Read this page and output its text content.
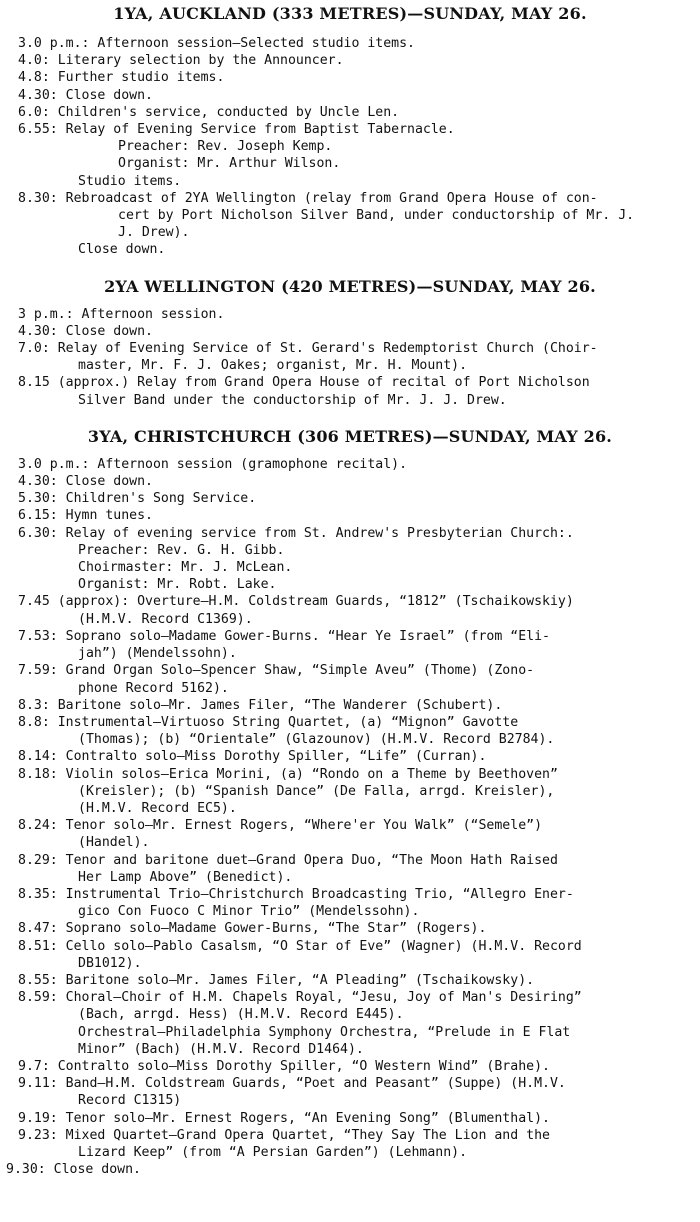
1YA, AUCKLAND (333 METRES)—SUNDAY, MAY 26.

3.0 p.m.: Afternoon session—Selected studio items.

4.0: Literary selection by the Announcer.

4.8: Further studio items.

4.30: Close down.

6.0: Children's service, conducted by Uncle Len.

6.55: Relay of Evening Service from Baptist Tabernacle.

Preacher: Rev. Joseph Kemp.

Organist: Mr. Arthur Wilson.

Studio items.

8.30: Rebroadcast of 2YA Wellington (relay from Grand Opera House of con-

cert by Port Nicholson Silver Band, under conductorship of Mr. J.

J. Drew).

Close down.

2YA WELLINGTON (420 METRES)—SUNDAY, MAY 26.

3 p.m.: Afternoon session.

4.30: Close down.

7.0: Relay of Evening Service of St. Gerard's Redemptorist Church (Choir-

master, Mr. F. J. Oakes; organist, Mr. H. Mount).

8.15 (approx.) Relay from Grand Opera House of recital of Port Nicholson

Silver Band under the conductorship of Mr. J. J. Drew.

3YA, CHRISTCHURCH (306 METRES)—SUNDAY, MAY 26.

3.0 p.m.: Afternoon session (gramophone recital).

4.30: Close down.

5.30: Children's Song Service.

6.15: Hymn tunes.

6.30: Relay of evening service from St. Andrew's Presbyterian Church:.

Preacher: Rev. G. H. Gibb.

Choirmaster: Mr. J. McLean.

Organist: Mr. Robt. Lake.

7.45 (approx): Overture—H.M. Coldstream Guards, “1812” (Tschaikowskiy)

(H.M.V. Record C1369).

7.53: Soprano solo—Madame Gower-Burns. “Hear Ye Israel” (from “Eli-

jah”) (Mendelssohn).

7.59: Grand Organ Solo—Spencer Shaw, “Simple Aveu” (Thome) (Zono-

phone Record 5162).

8.3: Baritone solo—Mr. James Filer, “The Wanderer (Schubert).

8.8: Instrumental—Virtuoso String Quartet, (a) “Mignon” Gavotte

(Thomas); (b) “Orientale” (Glazounov) (H.M.V. Record B2784).

8.14: Contralto solo—Miss Dorothy Spiller, “Life” (Curran).

8.18: Violin solos—Erica Morini, (a) “Rondo on a Theme by Beethoven”

(Kreisler); (b) “Spanish Dance” (De Falla, arrgd. Kreisler),

(H.M.V. Record EC5).

8.24: Tenor solo—Mr. Ernest Rogers, “Where'er You Walk” (“Semele”)

(Handel).

8.29: Tenor and baritone duet—Grand Opera Duo, “The Moon Hath Raised

Her Lamp Above” (Benedict).

8.35: Instrumental Trio—Christchurch Broadcasting Trio, “Allegro Ener-

gico Con Fuoco C Minor Trio” (Mendelssohn).

8.47: Soprano solo—Madame Gower-Burns, “The Star” (Rogers).

8.51: Cello solo—Pablo Casalsm, “O Star of Eve” (Wagner) (H.M.V. Record

DB1012).

8.55: Baritone solo—Mr. James Filer, “A Pleading” (Tschaikowsky).

8.59: Choral—Choir of H.M. Chapels Royal, “Jesu, Joy of Man's Desiring”

(Bach, arrgd. Hess) (H.M.V. Record E445).

Orchestral—Philadelphia Symphony Orchestra, “Prelude in E Flat

Minor” (Bach) (H.M.V. Record D1464).

9.7: Contralto solo—Miss Dorothy Spiller, “O Western Wind” (Brahe).

9.11: Band—H.M. Coldstream Guards, “Poet and Peasant” (Suppe) (H.M.V.

Record C1315)

9.19: Tenor solo—Mr. Ernest Rogers, “An Evening Song” (Blumenthal).

9.23: Mixed Quartet—Grand Opera Quartet, “They Say The Lion and the

Lizard Keep” (from “A Persian Garden”) (Lehmann).

9.30: Close down.
